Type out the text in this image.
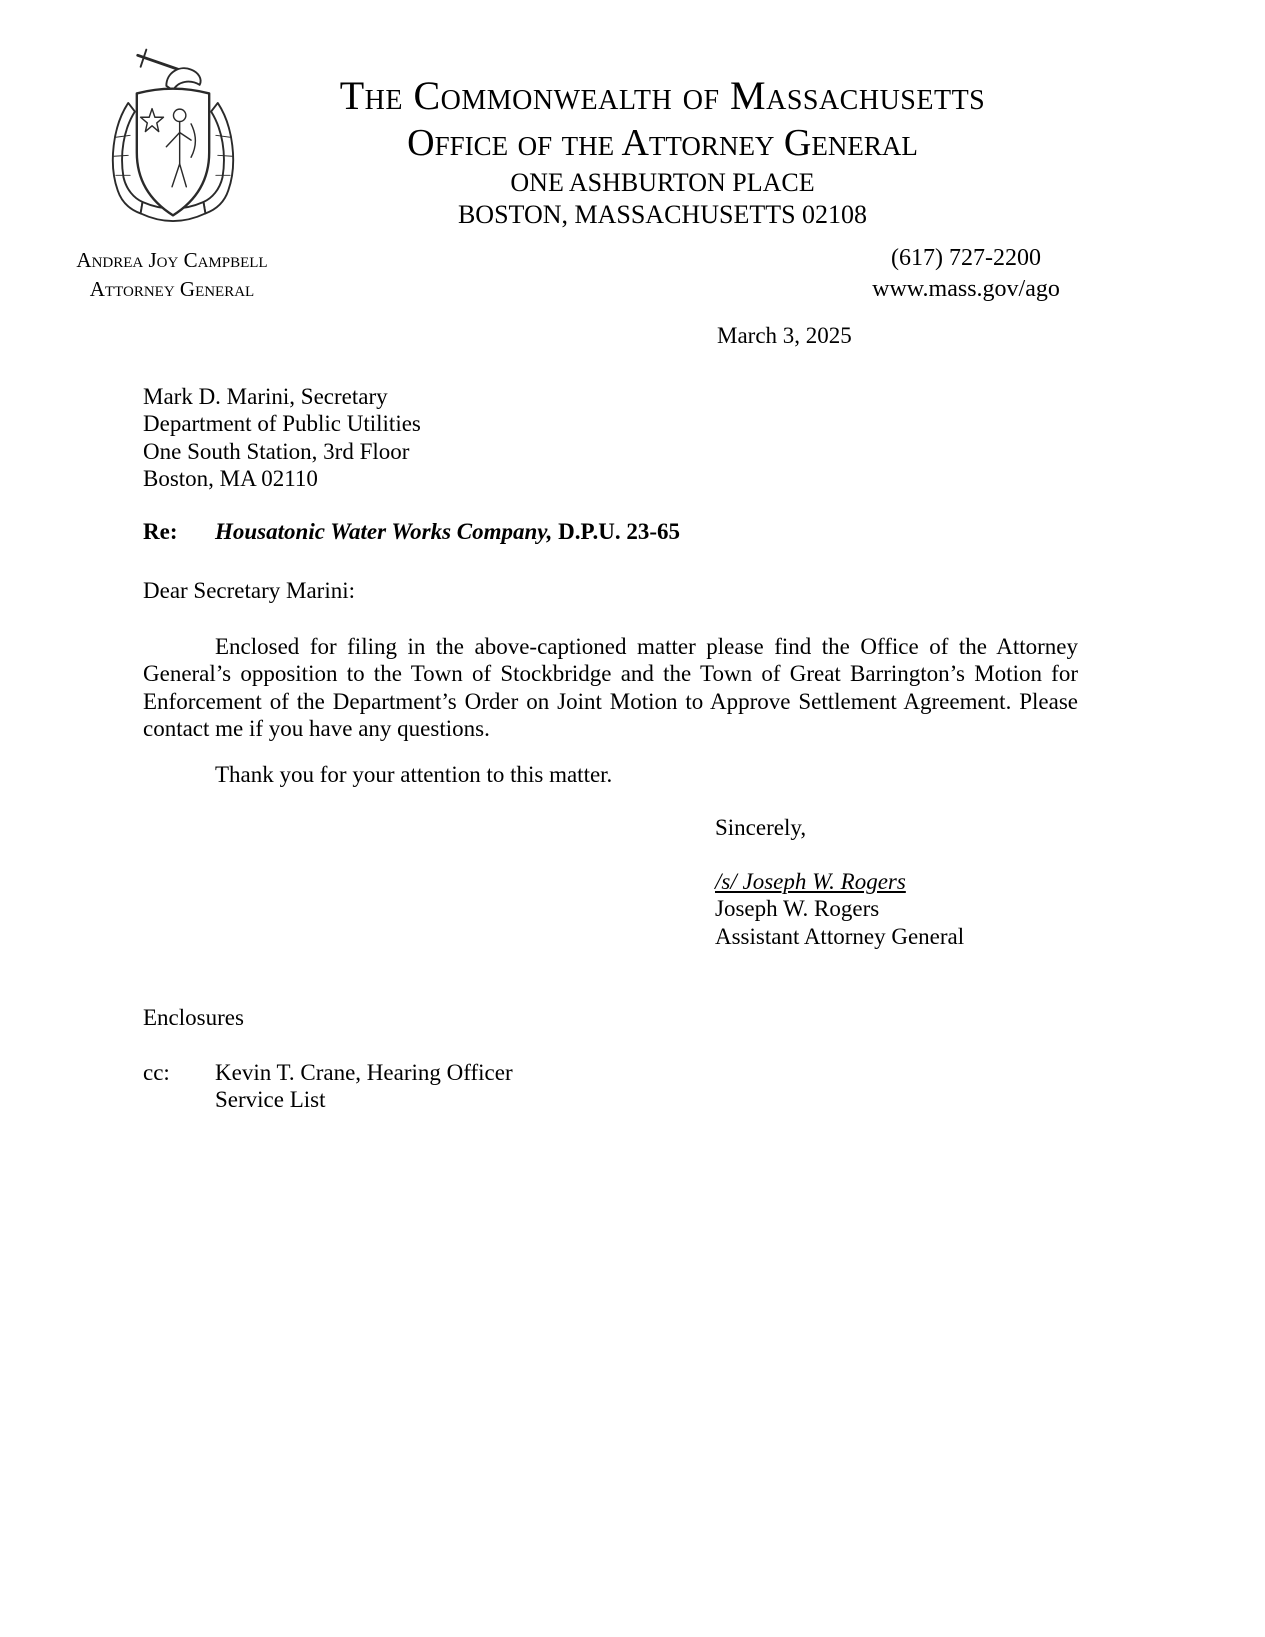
The Commonwealth of Massachusetts
Office of the Attorney General
ONE ASHBURTON PLACE
BOSTON, MASSACHUSETTS 02108
Andrea Joy Campbell
Attorney General
(617) 727-2200
www.mass.gov/ago
March 3, 2025
Mark D. Marini, Secretary
Department of Public Utilities
One South Station, 3rd Floor
Boston, MA 02110
Re: Housatonic Water Works Company, D.P.U. 23-65
Dear Secretary Marini:

Enclosed for filing in the above-captioned matter please find the Office of the Attorney General’s opposition to the Town of Stockbridge and the Town of Great Barrington’s Motion for Enforcement of the Department’s Order on Joint Motion to Approve Settlement Agreement. Please contact me if you have any questions.

Thank you for your attention to this matter.

Sincerely,
/s/ Joseph W. Rogers
Joseph W. Rogers
Assistant Attorney General
Enclosures
cc:	Kevin T. Crane, Hearing Officer
Service List
